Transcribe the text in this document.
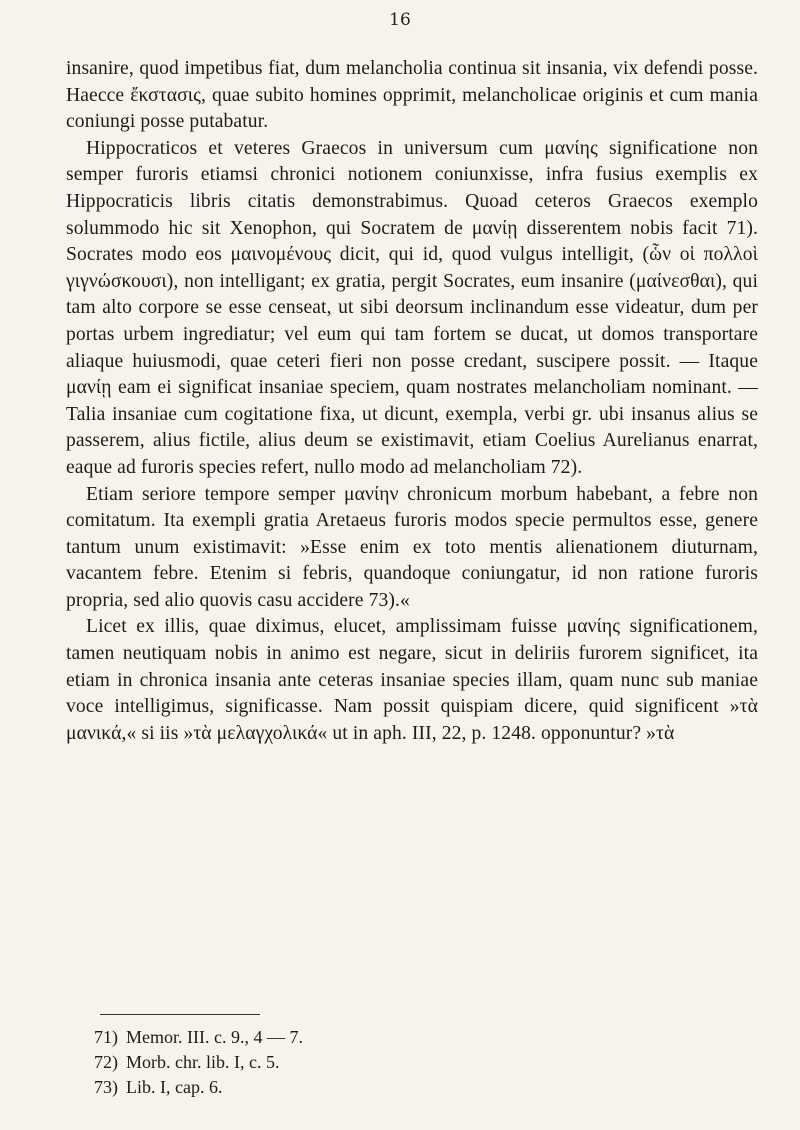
16

insanire, quod impetibus fiat, dum melancholia continua sit insania, vix defendi posse. Haecce ἔκστασις, quae subito homines opprimit, melancholicae originis et cum mania coniungi posse putabatur.

Hippocraticos et veteres Graecos in universum cum μανίης significatione non semper furoris etiamsi chronici notionem coniunxisse, infra fusius exemplis ex Hippocraticis libris citatis demonstrabimus. Quoad ceteros Graecos exemplo solummodo hic sit Xenophon, qui Socratem de μανίῃ disserentem nobis facit 71). Socrates modo eos μαινομένους dicit, qui id, quod vulgus intelligit, (ὧν οἱ πολλοὶ γιγνώσκουσι), non intelligant; ex gratia, pergit Socrates, eum insanire (μαίνεσθαι), qui tam alto corpore se esse censeat, ut sibi deorsum inclinandum esse videatur, dum per portas urbem ingrediatur; vel eum qui tam fortem se ducat, ut domos transportare aliaque huiusmodi, quae ceteri fieri non posse credant, suscipere possit. — Itaque μανίῃ eam ei significat insaniae speciem, quam nostrates melancholiam nominant. — Talia insaniae cum cogitatione fixa, ut dicunt, exempla, verbi gr. ubi insanus alius se passerem, alius fictile, alius deum se existimavit, etiam Coelius Aurelianus enarrat, eaque ad furoris species refert, nullo modo ad melancholiam 72).

Etiam seriore tempore semper μανίην chronicum morbum habebant, a febre non comitatum. Ita exempli gratia Aretaeus furoris modos specie permultos esse, genere tantum unum existimavit: »Esse enim ex toto mentis alienationem diuturnam, vacantem febre. Etenim si febris, quandoque coniungatur, id non ratione furoris propria, sed alio quovis casu accidere 73).«

Licet ex illis, quae diximus, elucet, amplissimam fuisse μανίης significationem, tamen neutiquam nobis in animo est negare, sicut in deliriis furorem significet, ita etiam in chronica insania ante ceteras insaniae species illam, quam nunc sub maniae voce intelligimus, significasse. Nam possit quispiam dicere, quid significent »τὰ μανικά,« si iis »τὰ μελαγχολικά« ut in aph. III, 22, p. 1248. opponuntur? »τὰ

71) Memor. III. c. 9., 4 — 7.

72) Morb. chr. lib. I, c. 5.

73) Lib. I, cap. 6.
